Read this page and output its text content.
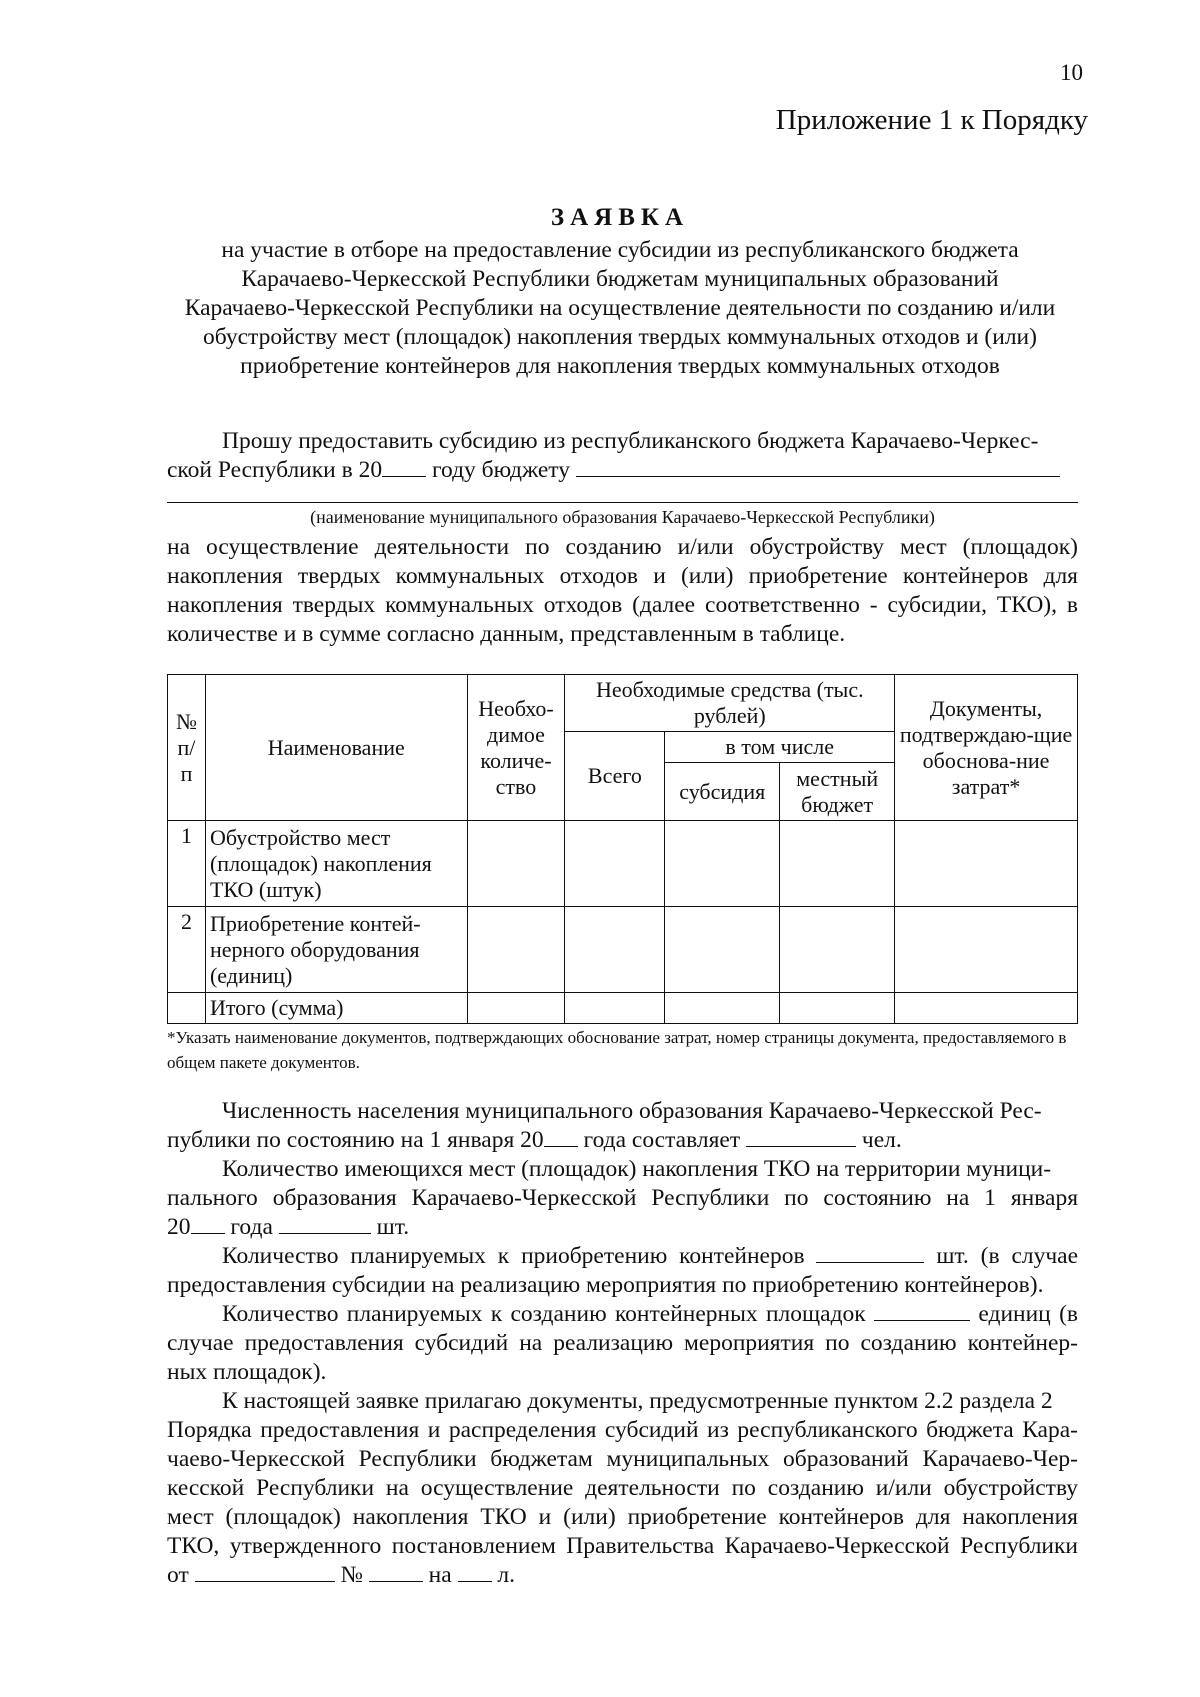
10
Приложение 1 к Порядку
ЗАЯВКА
на участие в отборе на предоставление субсидии из республиканского бюджета
Карачаево-Черкесской Республики бюджетам муниципальных образований
Карачаево-Черкесской Республики на осуществление деятельности по созданию и/или
обустройству мест (площадок) накопления твердых коммунальных отходов и (или)
приобретение контейнеров для накопления твердых коммунальных отходов
Прошу предоставить субсидию из республиканского бюджета Карачаево-Черкес-
ской Республики в 20 году бюджету
(наименование муниципального образования Карачаево-Черкесской Республики)
на осуществление деятельности по созданию и/или обустройству мест (площадок)
накопления твердых коммунальных отходов и (или) приобретение контейнеров для
накопления твердых коммунальных отходов (далее соответственно - субсидии, ТКО), в
количестве и в сумме согласно данным, представленным в таблице.
№ п/п	Наименование	Необхо-димое количе-ство	Необходимые средства (тыс. рублей)			Документы, подтверждаю-щие обоснова-ние затрат*
			Всего	в том числе		
				субсидия	местный бюджет	
1	Обустройство мест (площадок) накопления ТКО (штук)					
2	Приобретение контей-нерного оборудования (единиц)					
	Итого (сумма)					
*Указать наименование документов, подтверждающих обоснование затрат, номер страницы документа, предоставляемого в общем пакете документов.
Численность населения муниципального образования Карачаево-Черкесской Рес-
публики по состоянию на 1 января 20 года составляет	чел.
Количество имеющихся мест (площадок) накопления ТКО на территории муници-
пального образования Карачаево-Черкесской Республики по состоянию на 1 января
20 года	шт.
Количество планируемых к приобретению контейнеров	шт. (в случае
предоставления субсидии на реализацию мероприятия по приобретению контейнеров).
Количество планируемых к созданию контейнерных площадок	единиц (в
случае предоставления субсидий на реализацию мероприятия по созданию контейнер-
ных площадок).
К настоящей заявке прилагаю документы, предусмотренные пунктом 2.2 раздела 2
Порядка предоставления и распределения субсидий из республиканского бюджета Кара-
чаево-Черкесской Республики бюджетам муниципальных образований Карачаево-Чер-
кесской Республики на осуществление деятельности по созданию и/или обустройству
мест (площадок) накопления ТКО и (или) приобретение контейнеров для накопления
ТКО, утвержденного постановлением Правительства Карачаево-Черкесской Республики
от	№	на л.
